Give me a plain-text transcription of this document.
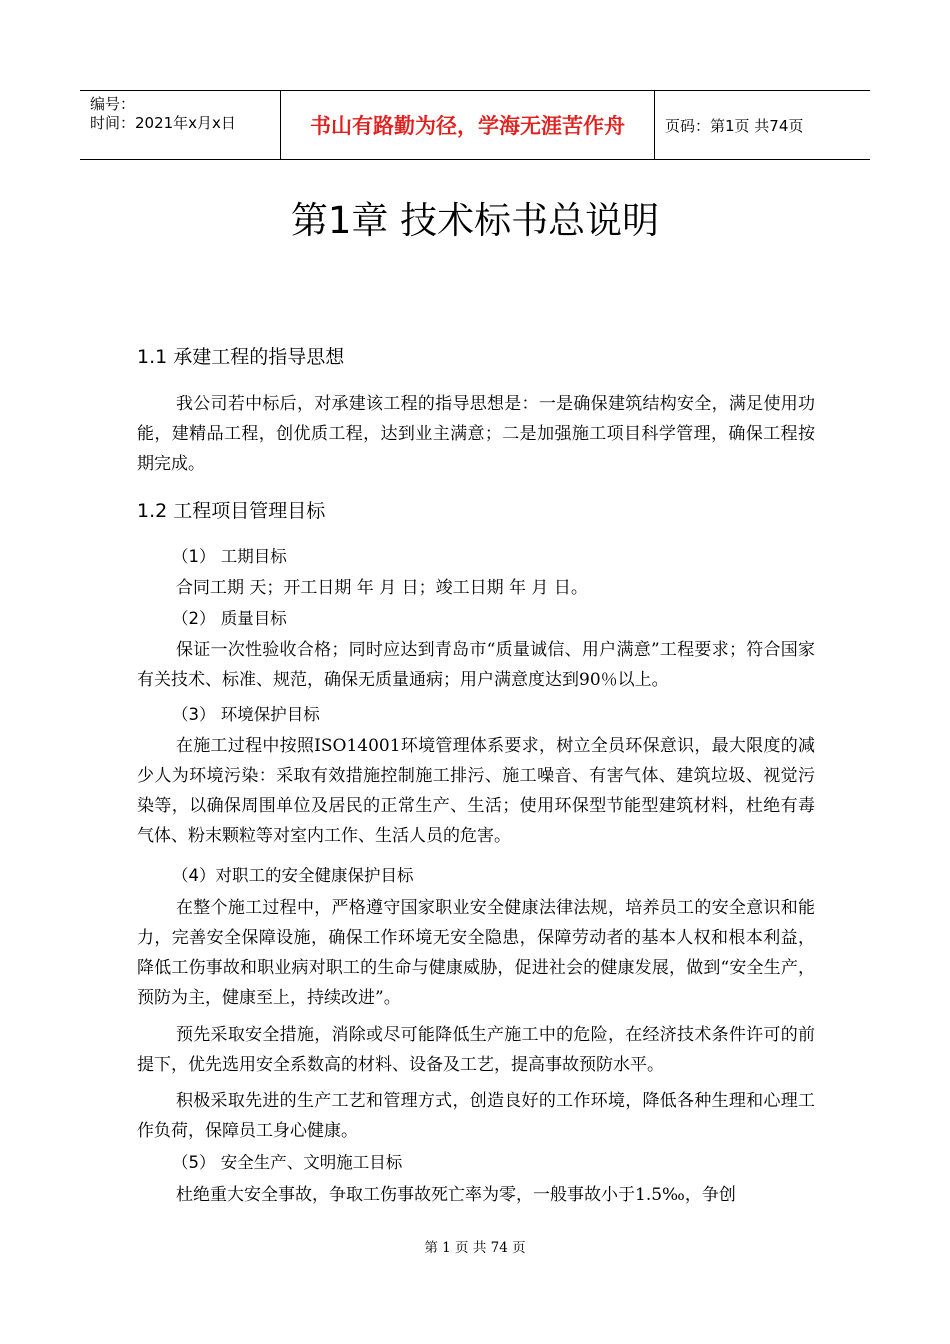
编号：
时间：2021年x月x日	书山有路勤为径，学海无涯苦作舟	页码：第1页 共74页
第1章 技术标书总说明
1.1 承建工程的指导思想

我公司若中标后，对承建该工程的指导思想是：一是确保建筑结构安全，满足使用功能，建精品工程，创优质工程，达到业主满意；二是加强施工项目科学管理，确保工程按期完成。

1.2 工程项目管理目标
（1） 工期目标

合同工期 天；开工日期 年 月 日；竣工日期 年 月 日。

（2） 质量目标

保证一次性验收合格；同时应达到青岛市“质量诚信、用户满意”工程要求；符合国家有关技术、标准、规范，确保无质量通病；用户满意度达到90％以上。

（3） 环境保护目标

在施工过程中按照ISO14001环境管理体系要求，树立全员环保意识，最大限度的减少人为环境污染：采取有效措施控制施工排污、施工噪音、有害气体、建筑垃圾、视觉污染等，以确保周围单位及居民的正常生产、生活；使用环保型节能型建筑材料，杜绝有毒气体、粉末颗粒等对室内工作、生活人员的危害。

（4）对职工的安全健康保护目标

在整个施工过程中，严格遵守国家职业安全健康法律法规，培养员工的安全意识和能力，完善安全保障设施，确保工作环境无安全隐患，保障劳动者的基本人权和根本利益，降低工伤事故和职业病对职工的生命与健康威胁，促进社会的健康发展，做到“安全生产，预防为主，健康至上，持续改进”。

预先采取安全措施，消除或尽可能降低生产施工中的危险，在经济技术条件许可的前提下，优先选用安全系数高的材料、设备及工艺，提高事故预防水平。

积极采取先进的生产工艺和管理方式，创造良好的工作环境，降低各种生理和心理工作负荷，保障员工身心健康。

（5） 安全生产、文明施工目标

杜绝重大安全事故，争取工伤事故死亡率为零，一般事故小于1.5‰，争创

第 1 页 共 74 页
